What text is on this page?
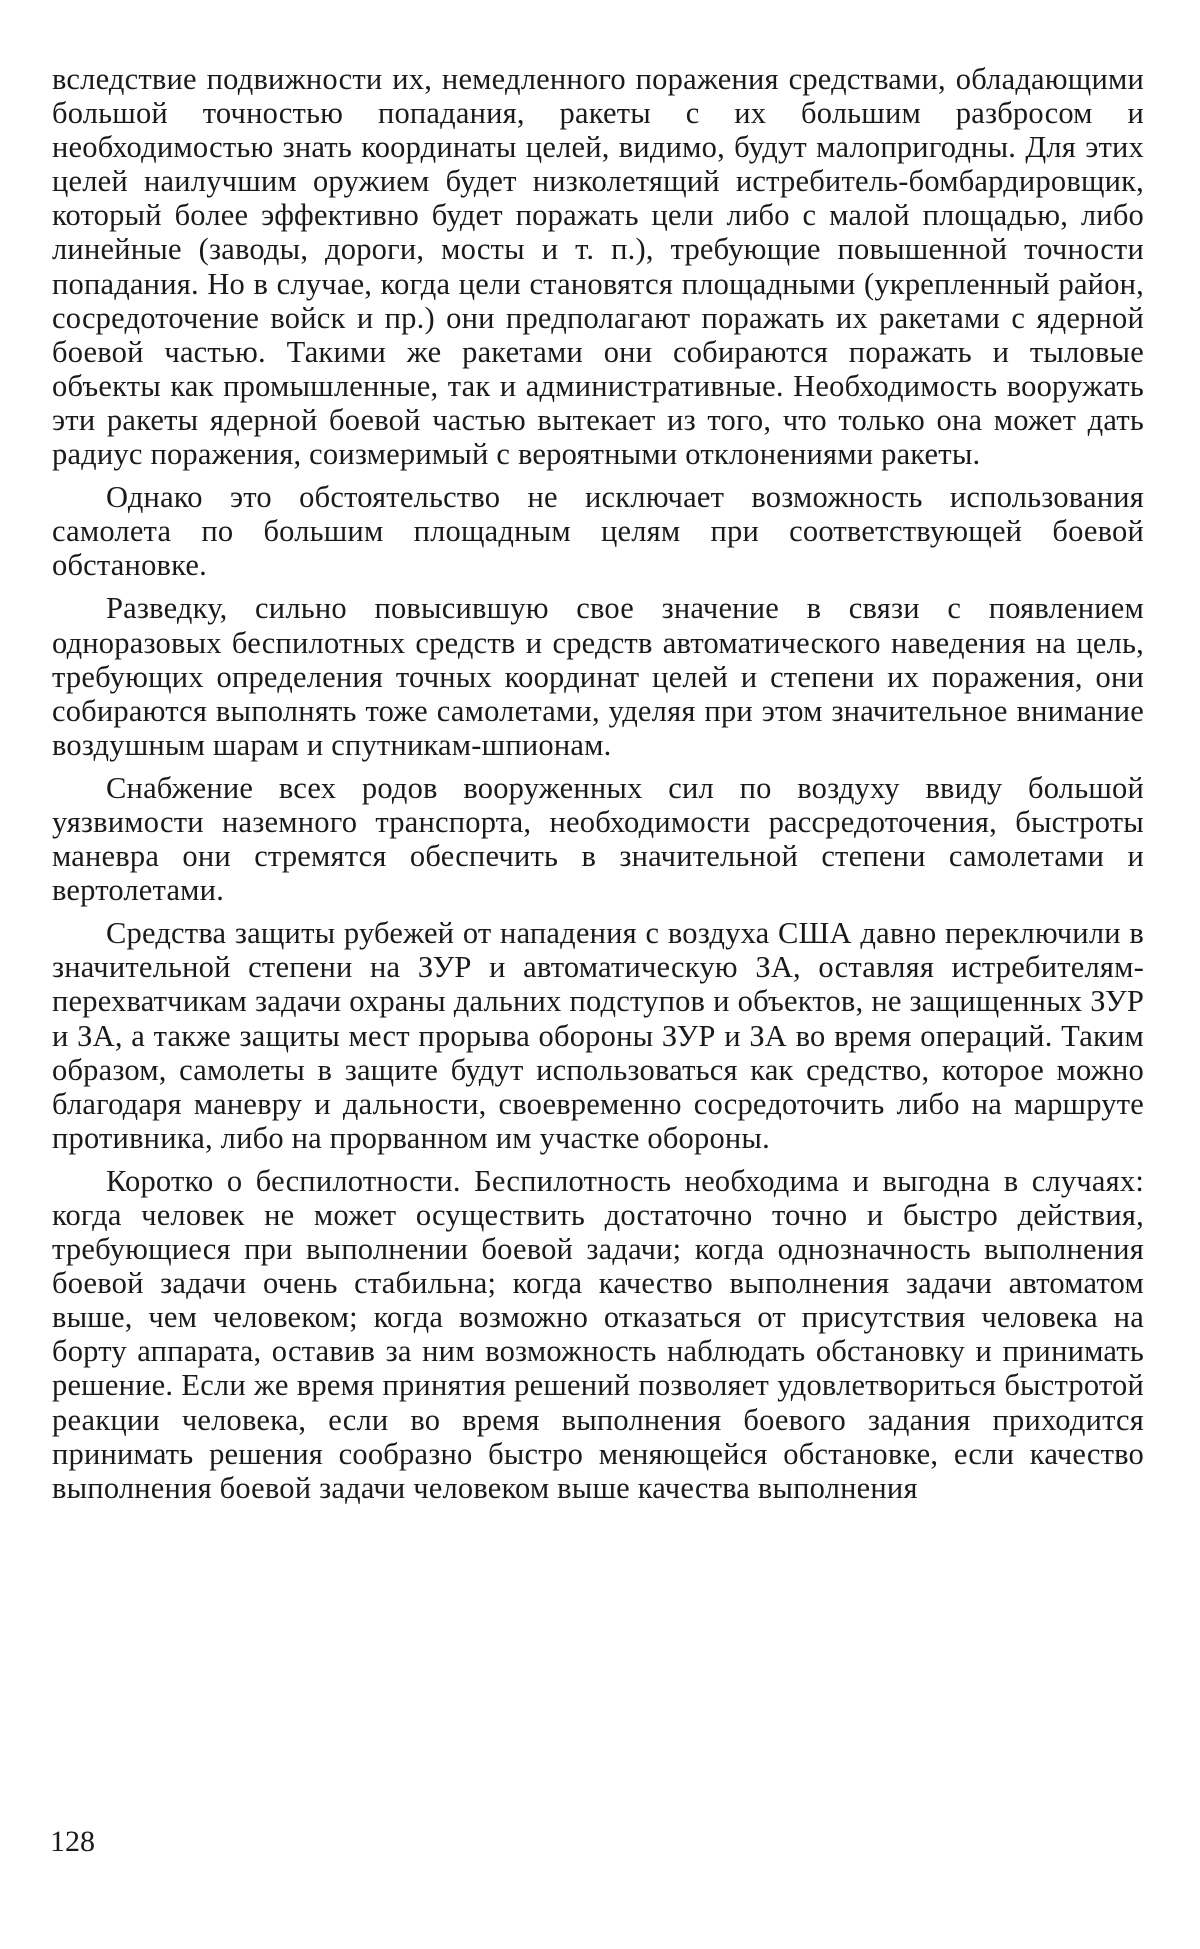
вследствие подвижности их, немедленного поражения средствами, обладающими большой точностью попадания, ракеты с их большим разбросом и необходимостью знать координаты целей, видимо, будут малопригодны. Для этих целей наилучшим оружием будет низколетящий истребитель-бомбардировщик, который более эффективно будет поражать цели либо с малой площадью, либо линейные (заводы, дороги, мосты и т. п.), требующие повышенной точности попадания. Но в случае, когда цели становятся площадными (укрепленный район, сосредоточение войск и пр.) они предполагают поражать их ракетами с ядерной боевой частью. Такими же ракетами они собираются поражать и тыловые объекты как промышленные, так и административные. Необходимость вооружать эти ракеты ядерной боевой частью вытекает из того, что только она может дать радиус поражения, соизмеримый с вероятными отклонениями ракеты.

Однако это обстоятельство не исключает возможность использования самолета по большим площадным целям при соответствующей боевой обстановке.

Разведку, сильно повысившую свое значение в связи с появлением одноразовых беспилотных средств и средств автоматического наведения на цель, требующих определения точных координат целей и степени их поражения, они собираются выполнять тоже самолетами, уделяя при этом значительное внимание воздушным шарам и спутникам-шпионам.

Снабжение всех родов вооруженных сил по воздуху ввиду большой уязвимости наземного транспорта, необходимости рассредоточения, быстроты маневра они стремятся обеспечить в значительной степени самолетами и вертолетами.

Средства защиты рубежей от нападения с воздуха США давно переключили в значительной степени на ЗУР и автоматическую ЗА, оставляя истребителям-перехватчикам задачи охраны дальних подступов и объектов, не защищенных ЗУР и ЗА, а также защиты мест прорыва обороны ЗУР и ЗА во время операций. Таким образом, самолеты в защите будут использоваться как средство, которое можно благодаря маневру и дальности, своевременно сосредоточить либо на маршруте противника, либо на прорванном им участке обороны.

Коротко о беспилотности. Беспилотность необходима и выгодна в случаях: когда человек не может осуществить достаточно точно и быстро действия, требующиеся при выполнении боевой задачи; когда однозначность выполнения боевой задачи очень стабильна; когда качество выполнения задачи автоматом выше, чем человеком; когда возможно отказаться от присутствия человека на борту аппарата, оставив за ним возможность наблюдать обстановку и принимать решение. Если же время принятия решений позволяет удовлетвориться быстротой реакции человека, если во время выполнения боевого задания приходится принимать решения сообразно быстро меняющейся обстановке, если качество выполнения боевой задачи человеком выше качества выполнения

128
